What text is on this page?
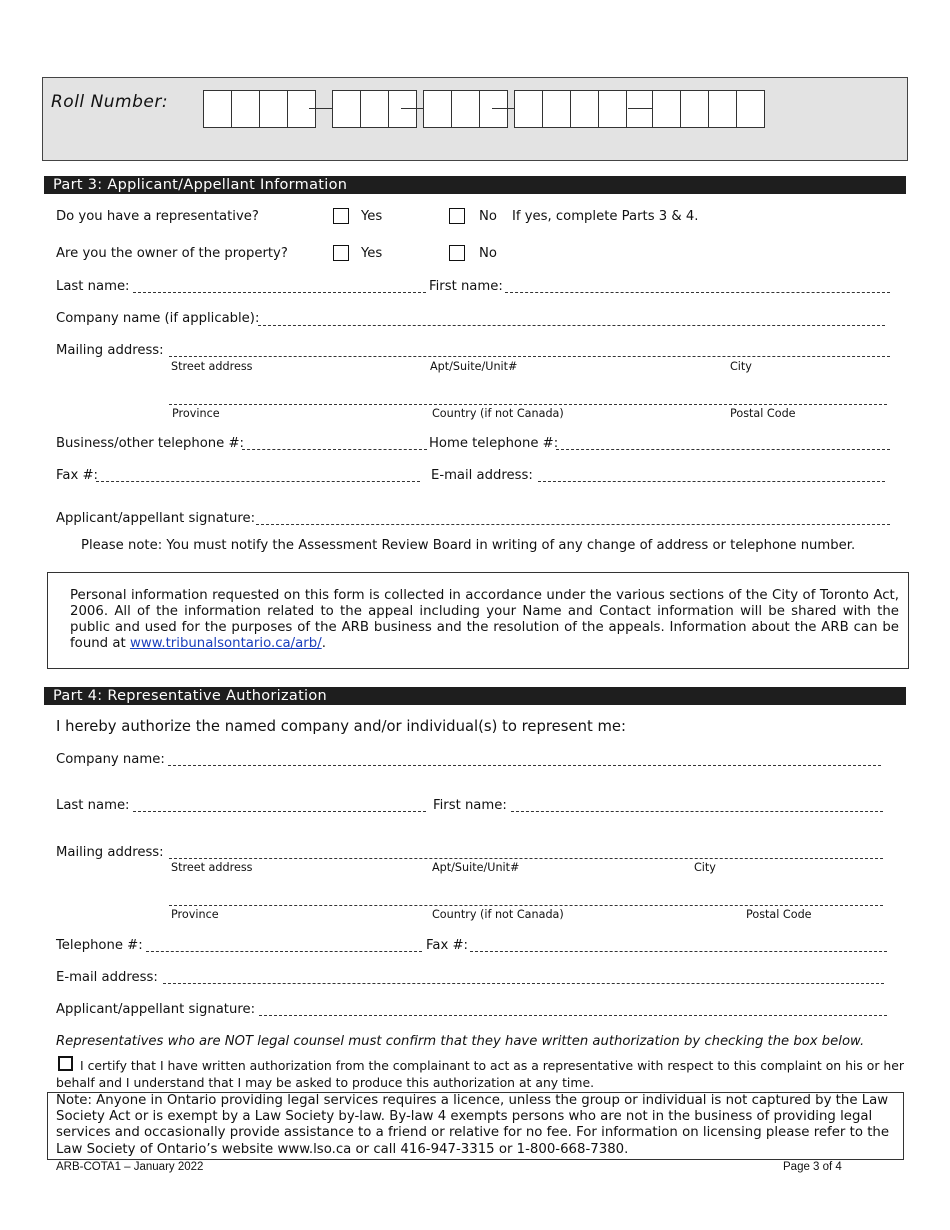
Roll Number:
Part 3: Applicant/Appellant Information
Do you have a representative?	Yes	No If yes, complete Parts 3 & 4.
Are you the owner of the property?	Yes	No
Last name:	First name:
Company name (if applicable):
Mailing address:
Street address	Apt/Suite/Unit#	City
Province	Country (if not Canada)	Postal Code
Business/other telephone #:	Home telephone #:
Fax #:	E-mail address:
Applicant/appellant signature:
Please note: You must notify the Assessment Review Board in writing of any change of address or telephone number.
Personal information requested on this form is collected in accordance under the various sections of the City of Toronto Act, 2006. All of the information related to the appeal including your Name and Contact information will be shared with the public and used for the purposes of the ARB business and the resolution of the appeals. Information about the ARB can be found at www.tribunalsontario.ca/arb/.
Part 4: Representative Authorization
I hereby authorize the named company and/or individual(s) to represent me:
Company name:
Last name:	First name:
Mailing address:
Street address	Apt/Suite/Unit#	City
Province	Country (if not Canada)	Postal Code
Telephone #:	Fax #:
E-mail address:
Applicant/appellant signature:
Representatives who are NOT legal counsel must confirm that they have written authorization by checking the box below.
I certify that I have written authorization from the complainant to act as a representative with respect to this complaint on his or her
behalf and I understand that I may be asked to produce this authorization at any time.
Note: Anyone in Ontario providing legal services requires a licence, unless the group or individual is not captured by the Law
Society Act or is exempt by a Law Society by-law. By-law 4 exempts persons who are not in the business of providing legal
services and occasionally provide assistance to a friend or relative for no fee. For information on licensing please refer to the
Law Society of Ontario’s website www.lso.ca or call 416-947-3315 or 1-800-668-7380.
ARB-COTA1 – January 2022	Page 3 of 4
